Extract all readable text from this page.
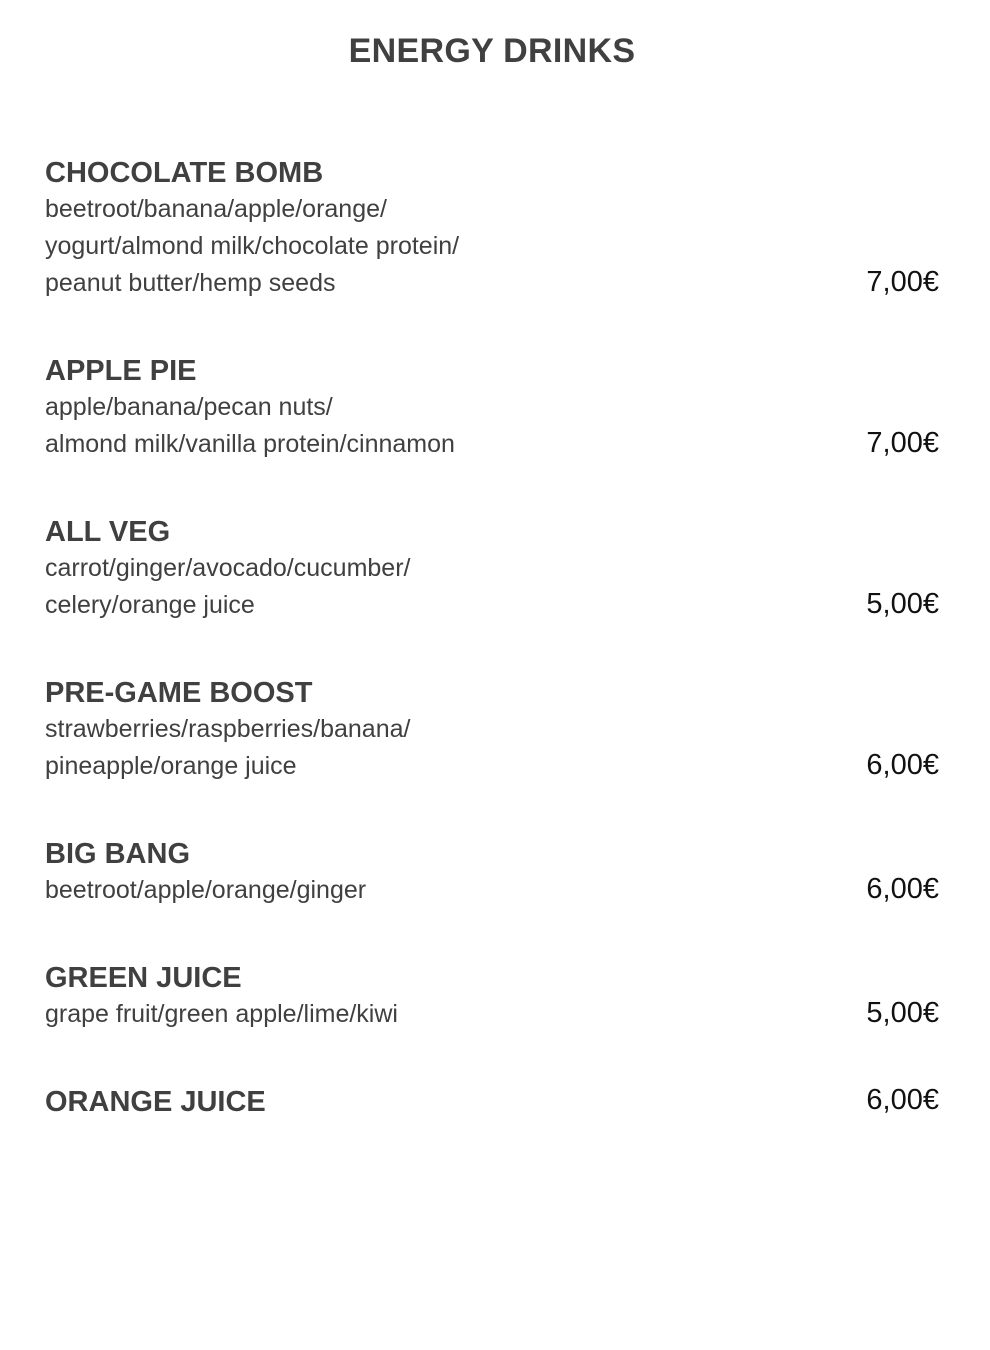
ENERGY DRINKS
CHOCOLATE BOMB
beetroot/banana/apple/orange/
yogurt/almond milk/chocolate protein/
peanut butter/hemp seeds	7,00€
APPLE PIE
apple/banana/pecan nuts/
almond milk/vanilla protein/cinnamon	7,00€
ALL VEG
carrot/ginger/avocado/cucumber/
celery/orange juice	5,00€
PRE-GAME BOOST
strawberries/raspberries/banana/
pineapple/orange juice	6,00€
BIG BANG
beetroot/apple/orange/ginger	6,00€
GREEN JUICE
grape fruit/green apple/lime/kiwi	5,00€
ORANGE JUICE	6,00€
